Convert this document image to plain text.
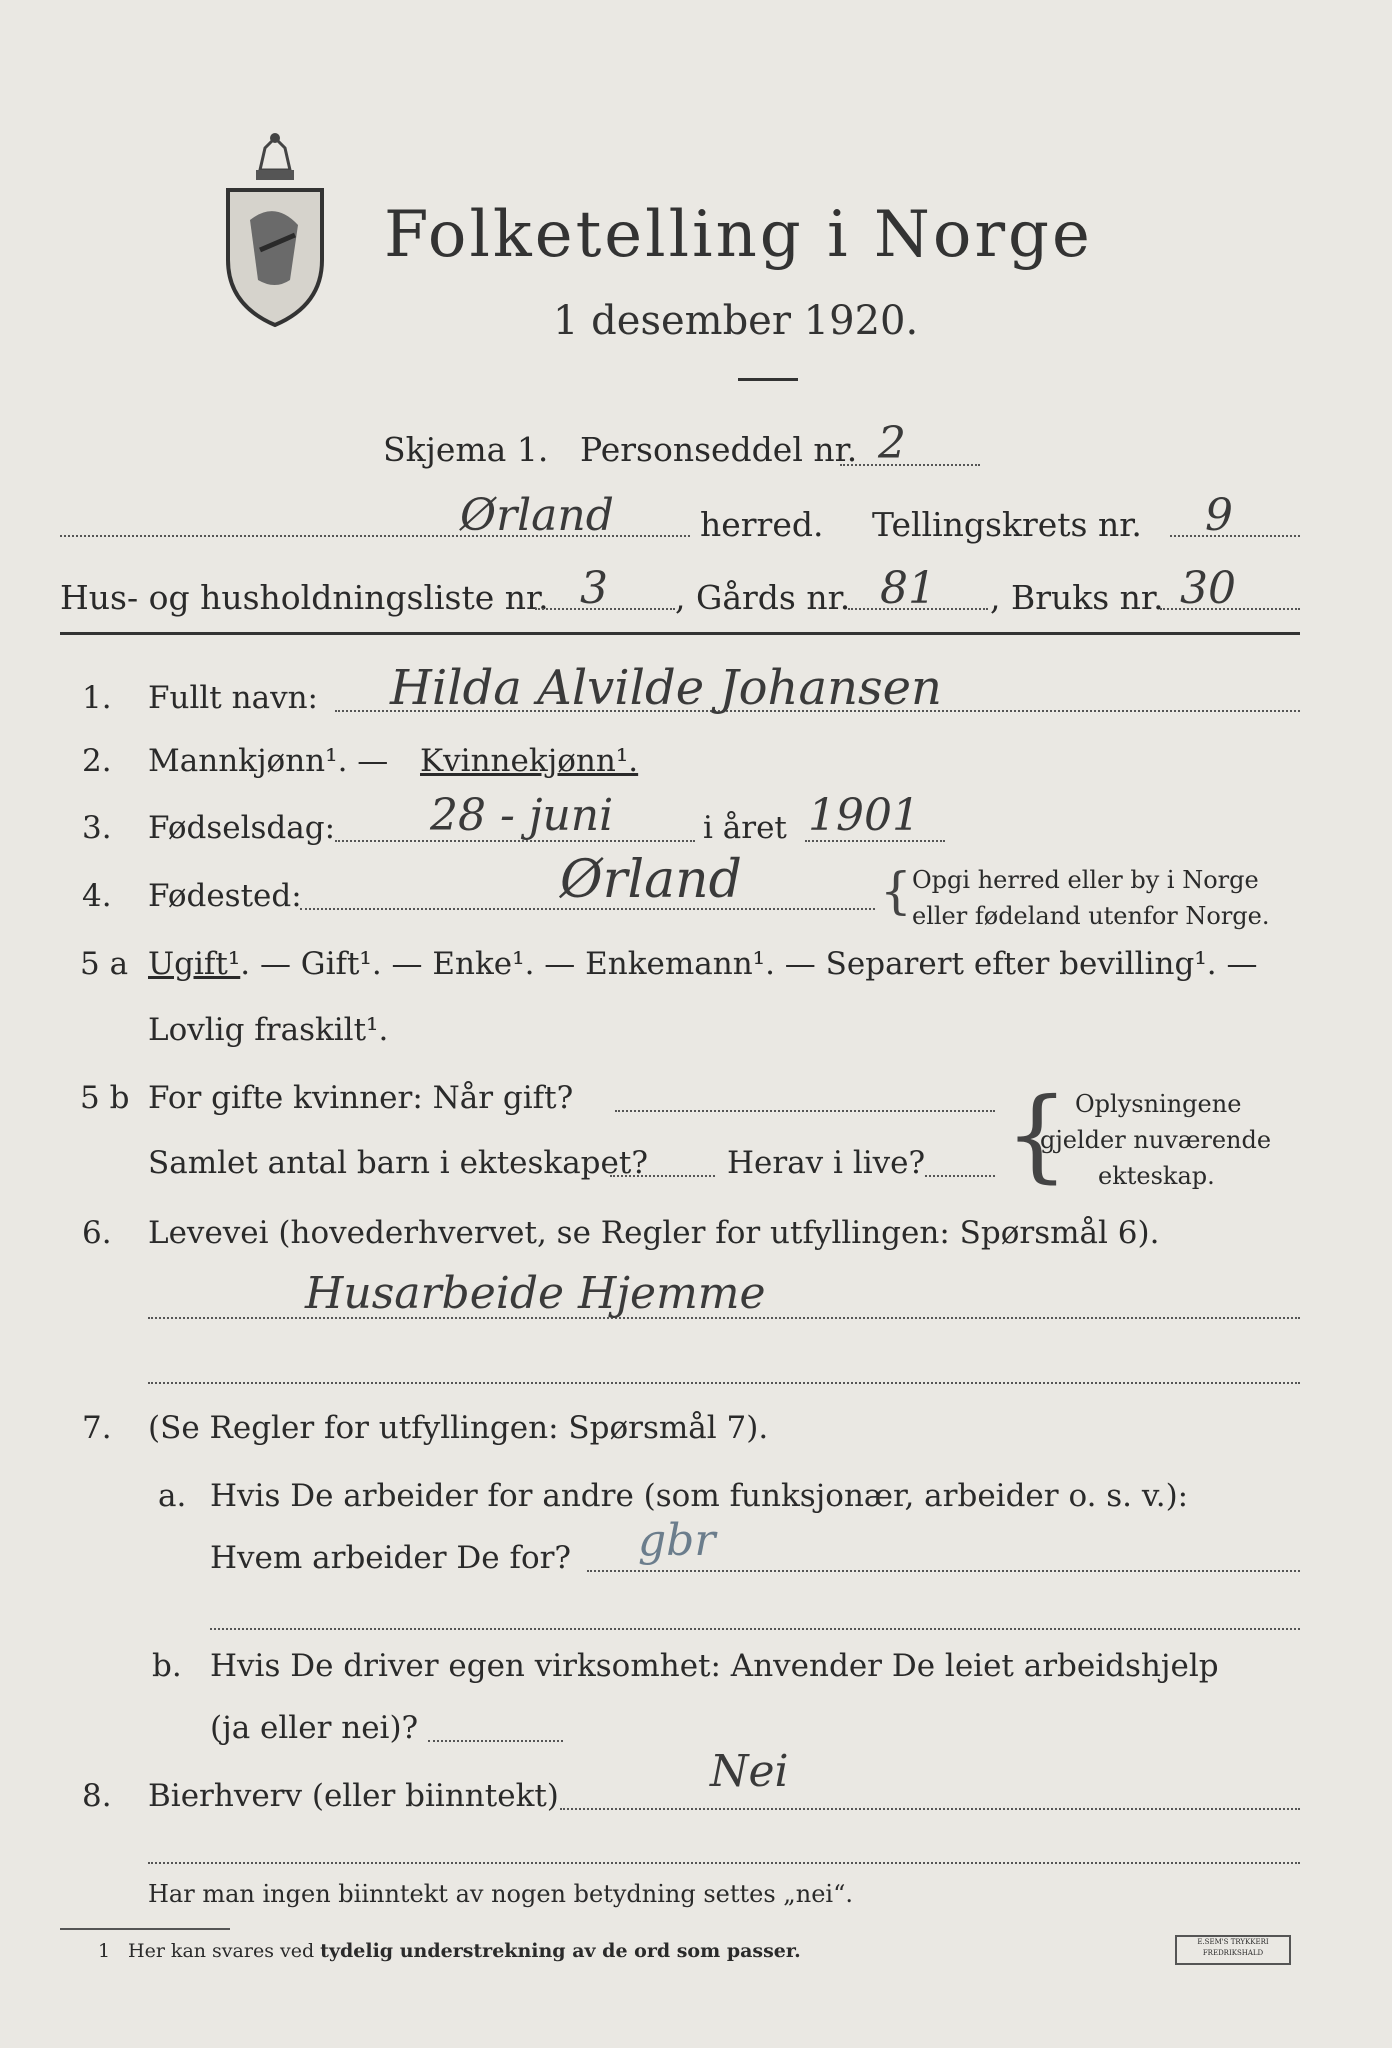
Folketelling i Norge
1 desember 1920.
Skjema 1. Personseddel nr. 2
Ørland	herred. Tellingskrets nr. 9
Hus- og husholdningsliste nr. 3 , Gårds nr. 81 , Bruks nr. 30
1. Fullt navn: Hilda Alvilde Johansen
2. Mannkjønn¹. — Kvinnekjønn¹.
3. Fødselsdag: 28 - juni	i året 1901
4. Fødested:	Ørland	{ Opgi herred eller by i Norge
eller fødeland utenfor Norge.
5 a Ugift¹. — Gift¹. — Enke¹. — Enkemann¹. — Separert efter bevilling¹. —
Lovlig fraskilt¹.
5 b For gifte kvinner: Når gift?
Samlet antal barn i ekteskapet?	Herav i live? { Oplysningene
gjelder nuværende
ekteskap.
6. Levevei (hovederhvervet, se Regler for utfyllingen: Spørsmål 6).
Husarbeide Hjemme
7. (Se Regler for utfyllingen: Spørsmål 7).
a. Hvis De arbeider for andre (som funksjonær, arbeider o. s. v.):
Hvem arbeider De for? gbr
b. Hvis De driver egen virksomhet: Anvender De leiet arbeidshjelp
(ja eller nei)?
8. Bierhverv (eller biinntekt)	Nei
Har man ingen biinntekt av nogen betydning settes „nei“.
1 Her kan svares ved tydelig understrekning av de ord som passer.	E.SEM'S TRYKKERI
FREDRIKSHALD
